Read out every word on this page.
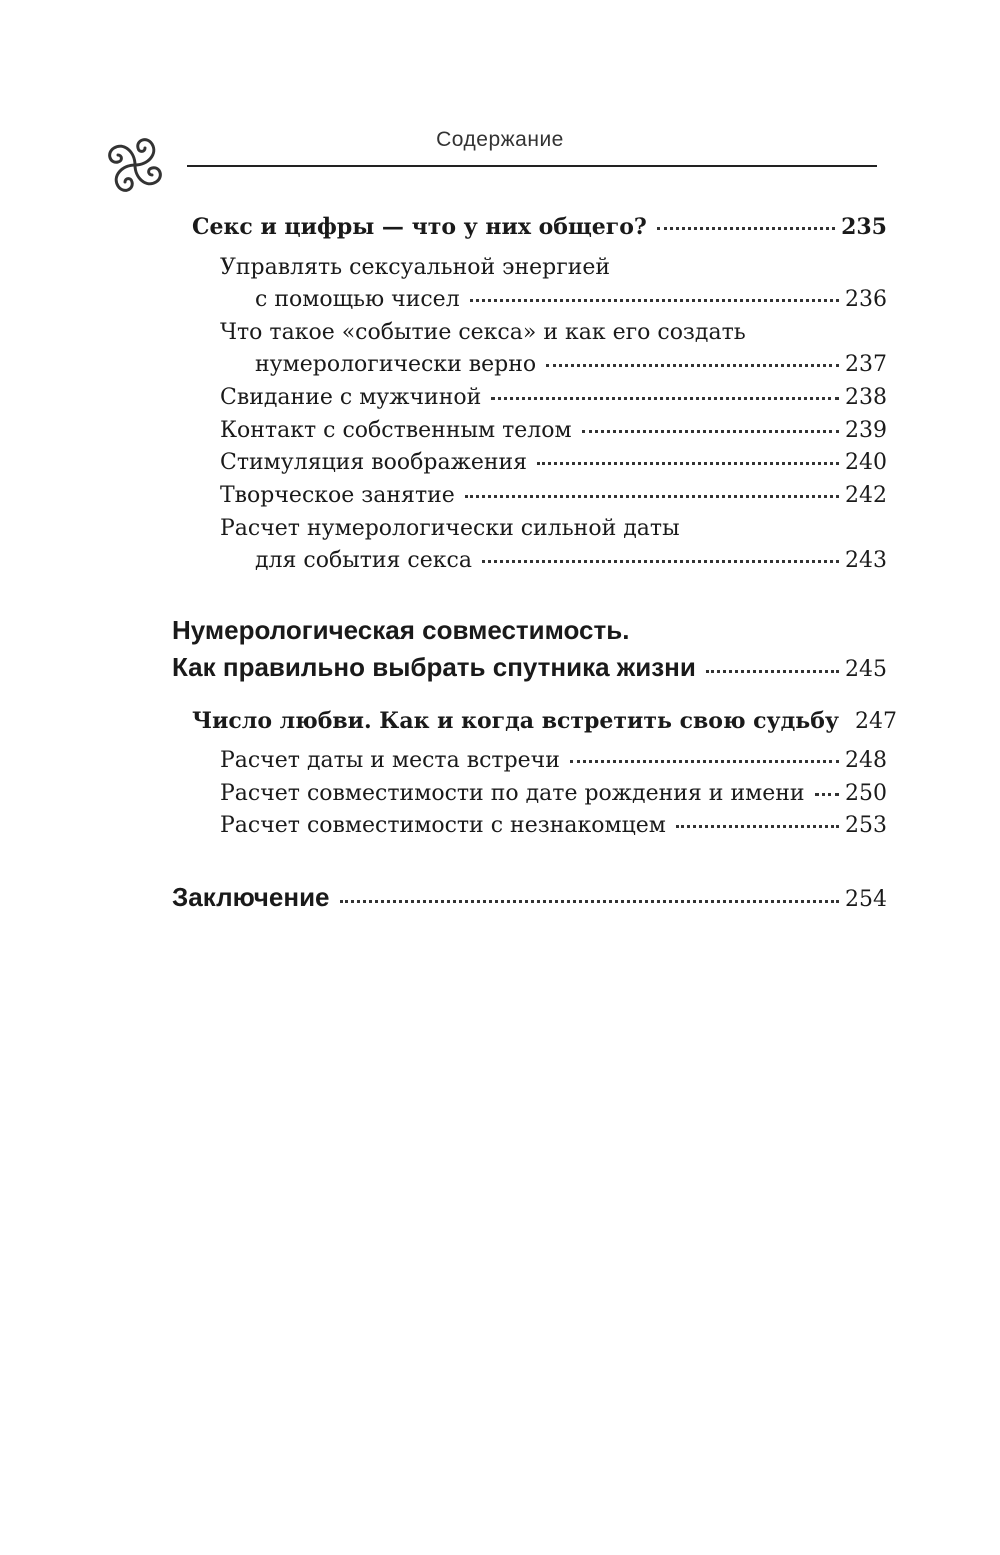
Содержание
Секс и цифры — что у них общего?	235
Управлять сексуальной энергией
с помощью чисел	236
Что такое «событие секса» и как его создать
нумерологически верно	237
Свидание с мужчиной	238
Контакт с собственным телом	239
Стимуляция воображения	240
Творческое занятие	242
Расчет нумерологически сильной даты
для события секса	243
Нумерологическая совместимость.
Как правильно выбрать спутника жизни	245
Число любви. Как и когда встретить свою судьбу 247
Расчет даты и места встречи	248
Расчет совместимости по дате рождения и имени 250
Расчет совместимости с незнакомцем	253
Заключение	254
